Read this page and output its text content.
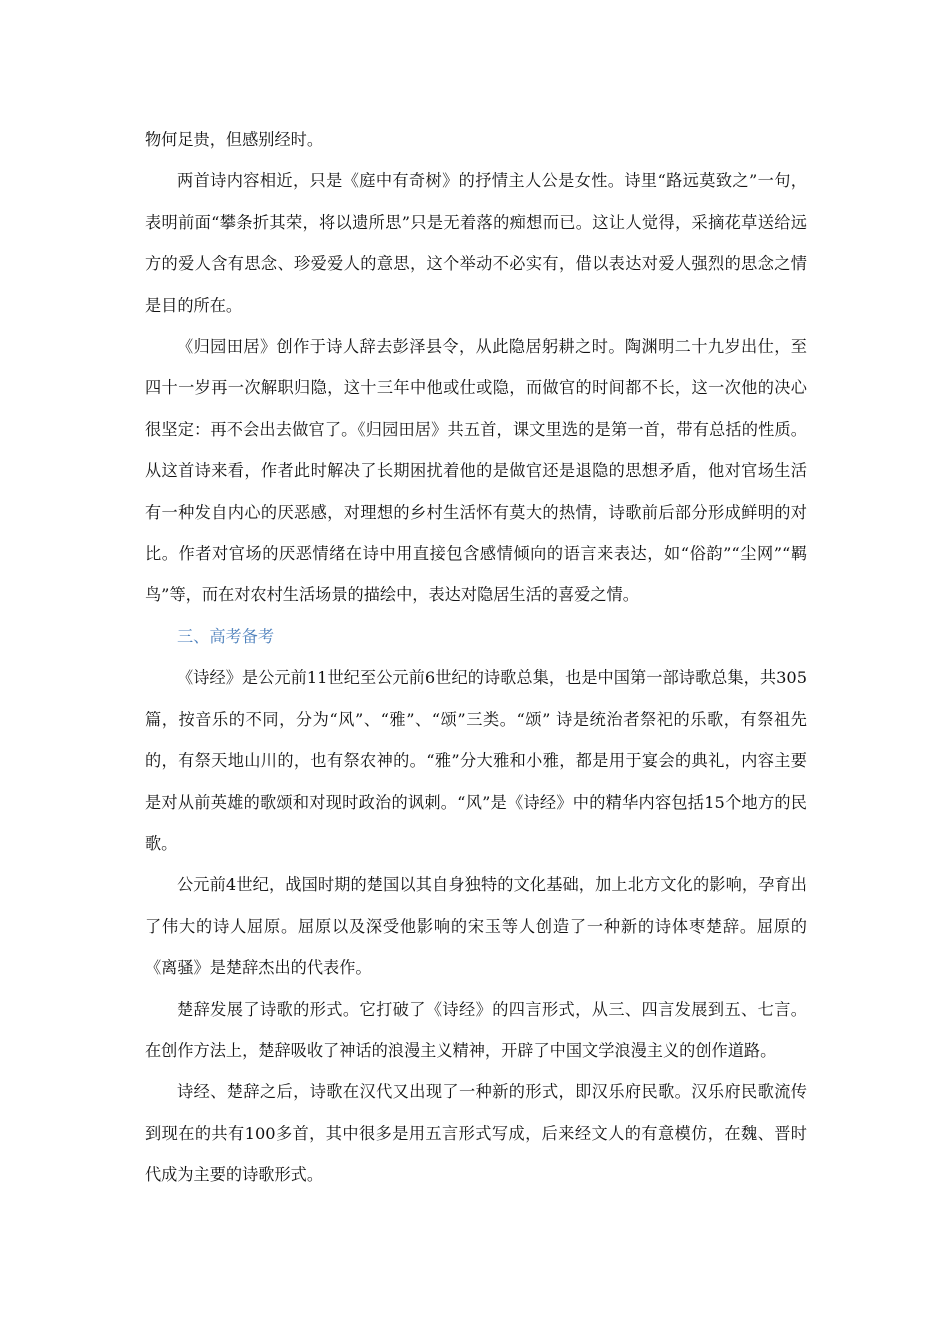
物何足贵，但感别经时。

两首诗内容相近，只是《庭中有奇树》的抒情主人公是女性。诗里“路远莫致之”一句，表明前面“攀条折其荣，将以遗所思”只是无着落的痴想而已。这让人觉得，采摘花草送给远方的爱人含有思念、珍爱爱人的意思，这个举动不必实有，借以表达对爱人强烈的思念之情是目的所在。

《归园田居》创作于诗人辞去彭泽县令，从此隐居躬耕之时。陶渊明二十九岁出仕，至四十一岁再一次解职归隐，这十三年中他或仕或隐，而做官的时间都不长，这一次他的决心很坚定：再不会出去做官了。《归园田居》共五首，课文里选的是第一首，带有总括的性质。从这首诗来看，作者此时解决了长期困扰着他的是做官还是退隐的思想矛盾，他对官场生活有一种发自内心的厌恶感，对理想的乡村生活怀有莫大的热情，诗歌前后部分形成鲜明的对比。作者对官场的厌恶情绪在诗中用直接包含感情倾向的语言来表达，如“俗韵”“尘网”“羁鸟”等，而在对农村生活场景的描绘中，表达对隐居生活的喜爱之情。

三、高考备考

《诗经》是公元前11世纪至公元前6世纪的诗歌总集，也是中国第一部诗歌总集，共305篇，按音乐的不同，分为“风”、“雅”、“颂”三类。“颂” 诗是统治者祭祀的乐歌，有祭祖先的，有祭天地山川的，也有祭农神的。“雅”分大雅和小雅，都是用于宴会的典礼，内容主要是对从前英雄的歌颂和对现时政治的讽刺。“风”是《诗经》中的精华内容包括15个地方的民歌。

公元前4世纪，战国时期的楚国以其自身独特的文化基础，加上北方文化的影响，孕育出了伟大的诗人屈原。屈原以及深受他影响的宋玉等人创造了一种新的诗体枣楚辞。屈原的《离骚》是楚辞杰出的代表作。

楚辞发展了诗歌的形式。它打破了《诗经》的四言形式，从三、四言发展到五、七言。在创作方法上，楚辞吸收了神话的浪漫主义精神，开辟了中国文学浪漫主义的创作道路。

诗经、楚辞之后，诗歌在汉代又出现了一种新的形式，即汉乐府民歌。汉乐府民歌流传到现在的共有100多首，其中很多是用五言形式写成，后来经文人的有意模仿，在魏、晋时代成为主要的诗歌形式。
